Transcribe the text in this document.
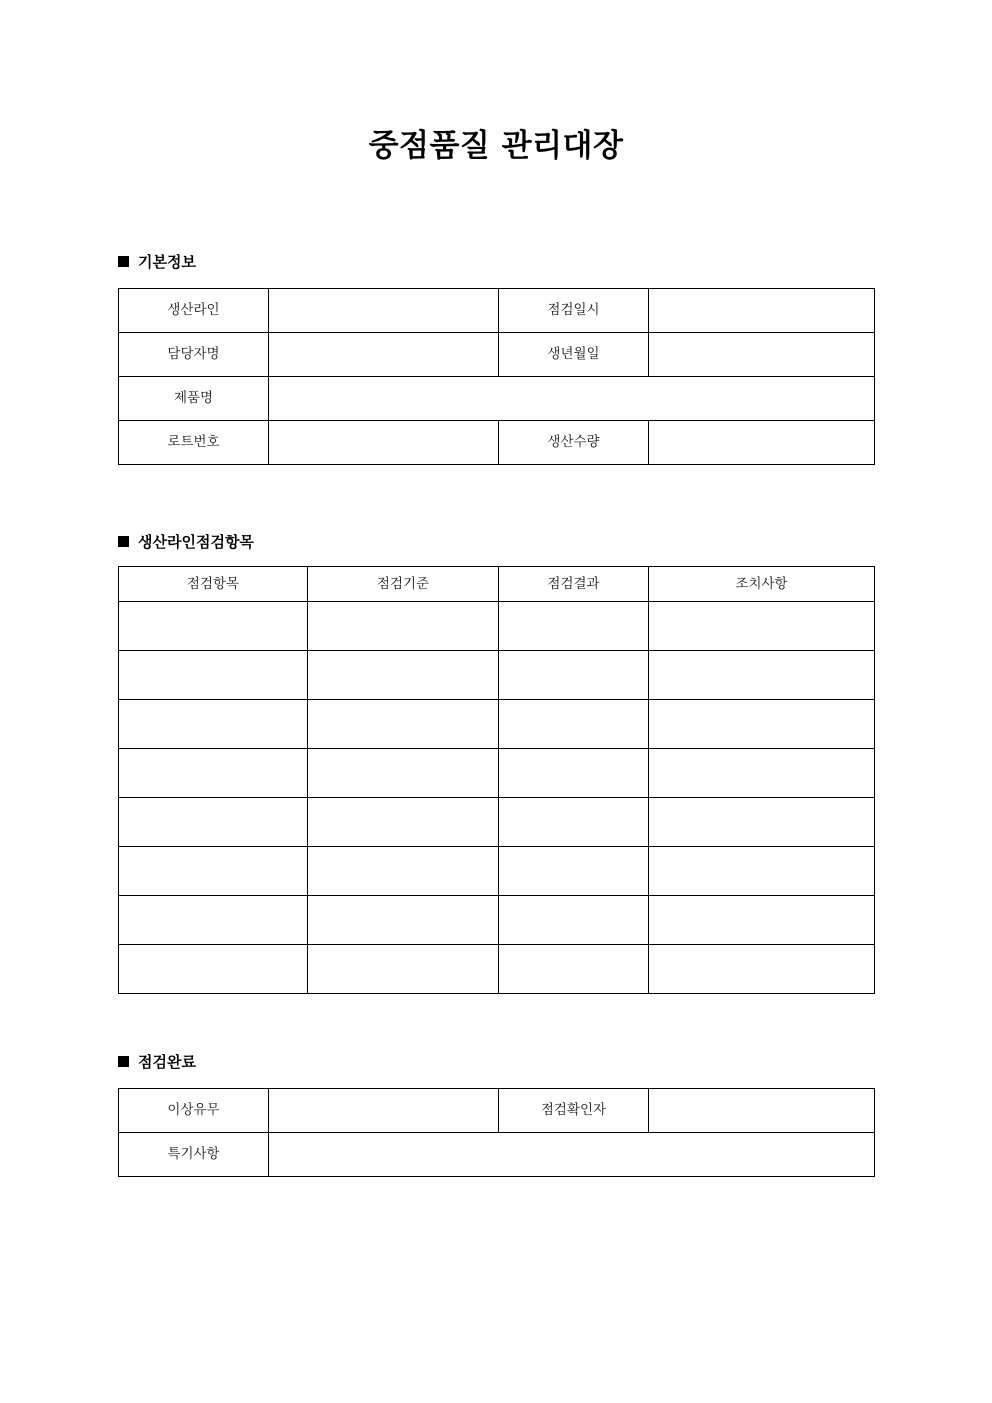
중점품질 관리대장
기본정보
생산라인		점검일시	

담당자명		생년월일	

제품명			

로트번호		생산수량	

생산라인점검항목
점검항목	점검기준	점검결과	조치사항

점검완료
이상유무		점검확인자	

특기사항			
